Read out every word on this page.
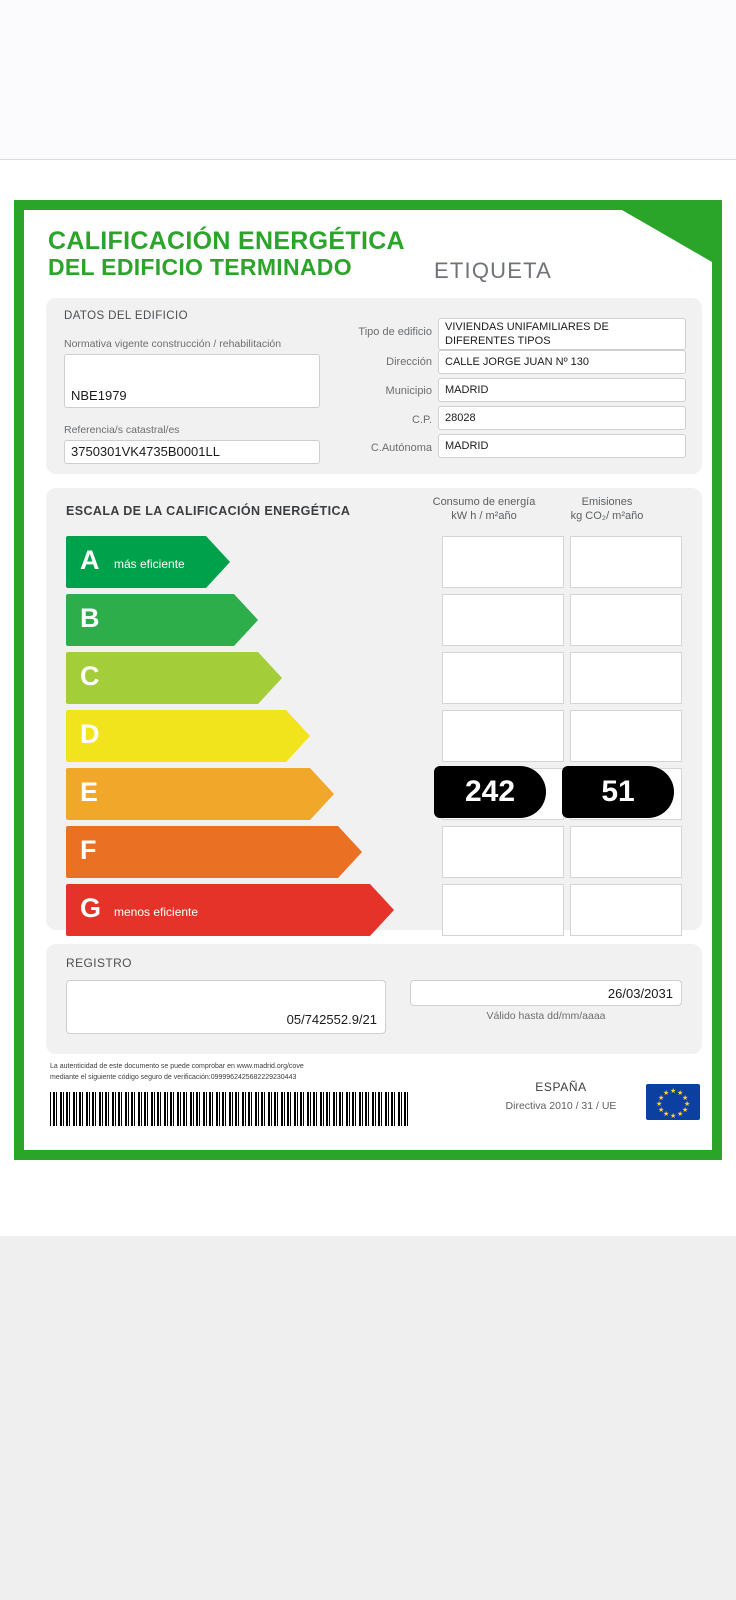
CALIFICACIÓN ENERGÉTICA
DEL EDIFICIO TERMINADO	ETIQUETA
DATOS DEL EDIFICIO
Normativa vigente construcción / rehabilitación
NBE1979
Referencia/s catastral/es
3750301VK4735B0001LL
Tipo de edificio VIVIENDAS UNIFAMILIARES DE DIFERENTES TIPOS
Dirección CALLE JORGE JUAN Nº 130
Municipio MADRID
C.P. 28028
C.Autónoma MADRID
ESCALA DE LA CALIFICACIÓN ENERGÉTICA
Consumo de energía
kW h / m²año
Emisiones
kg CO₂/ m²año
A más eficiente
B
C
D
E	242	51
F
G menos eficiente
REGISTRO
05/742552.9/21
26/03/2031
Válido hasta dd/mm/aaaa
La autenticidad de este documento se puede comprobar en www.madrid.org/cove
mediante el siguiente código seguro de verificación:0999962425682229230443
ESPAÑA
Directiva 2010 / 31 / UE
★ ★
★
★
★
★
★
★
★
★
★
★
